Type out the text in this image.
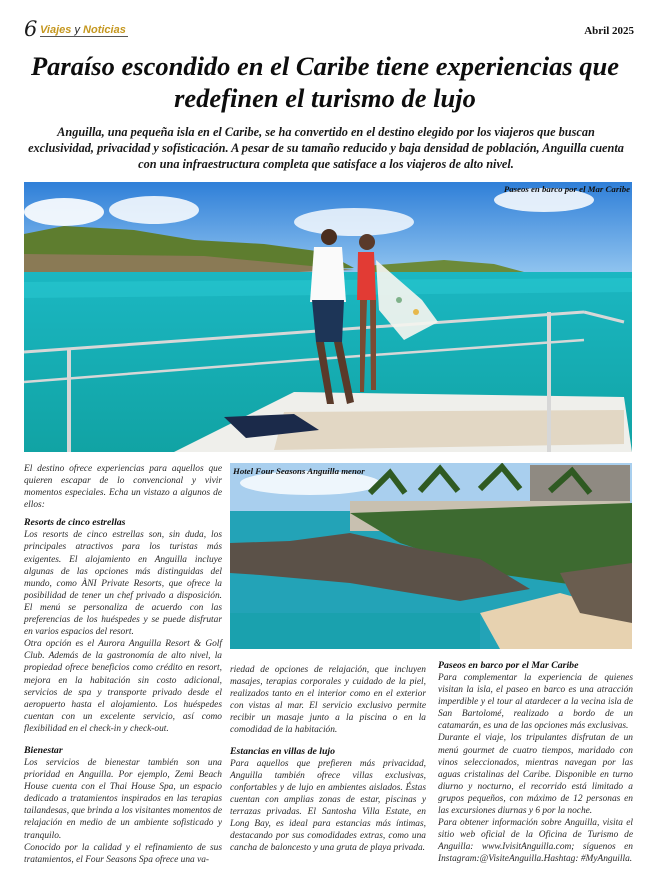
6 Viajes y Noticias	Abril 2025
Paraíso escondido en el Caribe tiene experiencias que redefinen el turismo de lujo

Anguilla, una pequeña isla en el Caribe, se ha convertido en el destino elegido por los viajeros que buscan exclusividad, privacidad y sofisticación. A pesar de su tamaño reducido y baja densidad de población, Anguilla cuenta con una infraestructura completa que satisface a los viajeros de alto nivel.

Paseos en barco por el Mar Caribe
Hotel Four Seasons Anguilla menor

El destino ofrece experiencias para aquellos que quieren escapar de lo convencional y vivir momentos especiales. Echa un vistazo a algunos de ellos:

Resorts de cinco estrellas

Los resorts de cinco estrellas son, sin duda, los principales atractivos para los turistas más exigentes. El alojamiento en Anguilla incluye algunas de las opciones más distinguidas del mundo, como ÀNI Private Resorts, que ofrece la posibilidad de tener un chef privado a disposición. El menú se personaliza de acuerdo con las preferencias de los huéspedes y se puede disfrutar en varios espacios del resort.

Otra opción es el Aurora Anguilla Resort & Golf Club. Además de la gastronomía de alto nivel, la propiedad ofrece beneficios como crédito en resort, mejora en la habitación sin costo adicional, servicios de spa y transporte privado desde el aeropuerto hasta el alojamiento. Los huéspedes cuentan con un excelente servicio, así como flexibilidad en el check-in y check-out.

Bienestar

Los servicios de bienestar también son una prioridad en Anguilla. Por ejemplo, Zemi Beach House cuenta con el Thai House Spa, un espacio dedicado a tratamientos inspirados en las terapias tailandesas, que brinda a los visitantes momentos de relajación en medio de un ambiente sofisticado y tranquilo.

Conocido por la calidad y el refinamiento de sus tratamientos, el Four Seasons Spa ofrece una va-

riedad de opciones de relajación, que incluyen masajes, terapias corporales y cuidado de la piel, realizados tanto en el interior como en el exterior con vistas al mar. El servicio exclusivo permite recibir un masaje junto a la piscina o en la comodidad de la habitación.

Estancias en villas de lujo

Para aquellos que prefieren más privacidad, Anguilla también ofrece villas exclusivas, confortables y de lujo en ambientes aislados. Éstas cuentan con amplias zonas de estar, piscinas y terrazas privadas. El Santosha Villa Estate, en Long Bay, es ideal para estancias más íntimas, destacando por sus comodidades extras, como una cancha de baloncesto y una gruta de playa privada.

Paseos en barco por el Mar Caribe

Para complementar la experiencia de quienes visitan la isla, el paseo en barco es una atracción imperdible y el tour al atardecer a la vecina isla de San Bartolomé, realizado a bordo de un catamarán, es una de las opciones más exclusivas.

Durante el viaje, los tripulantes disfrutan de un menú gourmet de cuatro tiempos, maridado con vinos seleccionados, mientras navegan por las aguas cristalinas del Caribe. Disponible en turno diurno y nocturno, el recorrido está limitado a grupos pequeños, con máximo de 12 personas en las excursiones diurnas y 6 por la noche.

Para obtener información sobre Anguilla, visita el sitio web oficial de la Oficina de Turismo de Anguilla: www.IvisitAnguilla.com; síguenos en Instagram:@VisiteAnguilla.Hashtag: #MyAnguilla.
